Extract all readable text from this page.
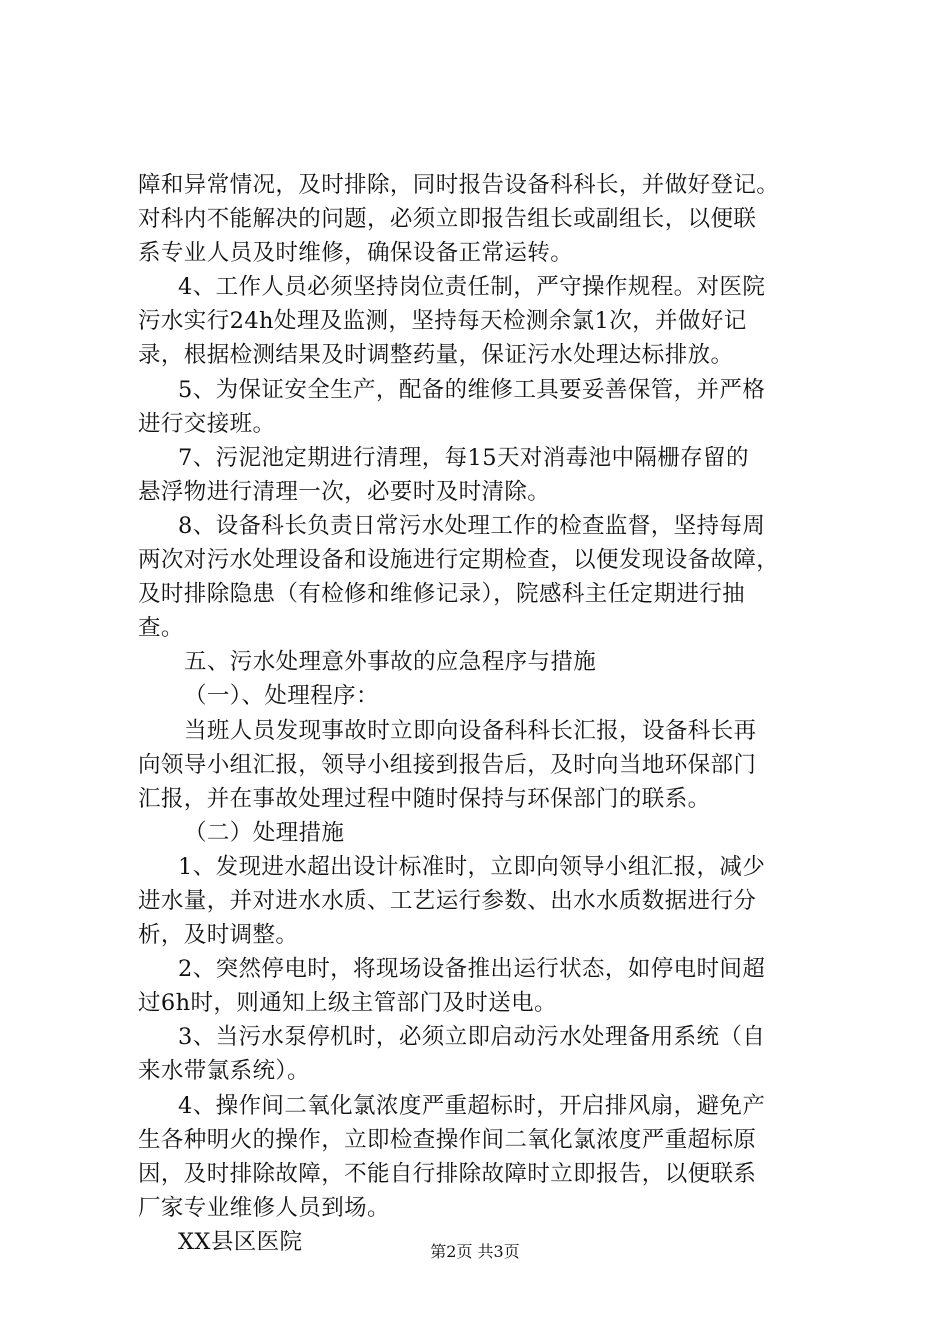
障和异常情况，及时排除，同时报告设备科科长，并做好登记。
对科内不能解决的问题，必须立即报告组长或副组长，以便联
系专业人员及时维修，确保设备正常运转。
4、工作人员必须坚持岗位责任制，严守操作规程。对医院
污水实行24h处理及监测，坚持每天检测余氯1次，并做好记
录，根据检测结果及时调整药量，保证污水处理达标排放。
5、为保证安全生产，配备的维修工具要妥善保管，并严格
进行交接班。
7、污泥池定期进行清理，每15天对消毒池中隔栅存留的
悬浮物进行清理一次，必要时及时清除。
8、设备科长负责日常污水处理工作的检查监督，坚持每周
两次对污水处理设备和设施进行定期检查，以便发现设备故障，
及时排除隐患（有检修和维修记录），院感科主任定期进行抽
查。
五、污水处理意外事故的应急程序与措施
（一）、处理程序：
当班人员发现事故时立即向设备科科长汇报，设备科长再
向领导小组汇报，领导小组接到报告后，及时向当地环保部门
汇报，并在事故处理过程中随时保持与环保部门的联系。
（二）处理措施
1、发现进水超出设计标准时，立即向领导小组汇报，减少
进水量，并对进水水质、工艺运行参数、出水水质数据进行分
析，及时调整。
2、突然停电时，将现场设备推出运行状态，如停电时间超
过6h时，则通知上级主管部门及时送电。
3、当污水泵停机时，必须立即启动污水处理备用系统（自
来水带氯系统）。
4、操作间二氧化氯浓度严重超标时，开启排风扇，避免产
生各种明火的操作，立即检查操作间二氧化氯浓度严重超标原
因，及时排除故障，不能自行排除故障时立即报告，以便联系
厂家专业维修人员到场。
XX县区医院	第2页 共3页
